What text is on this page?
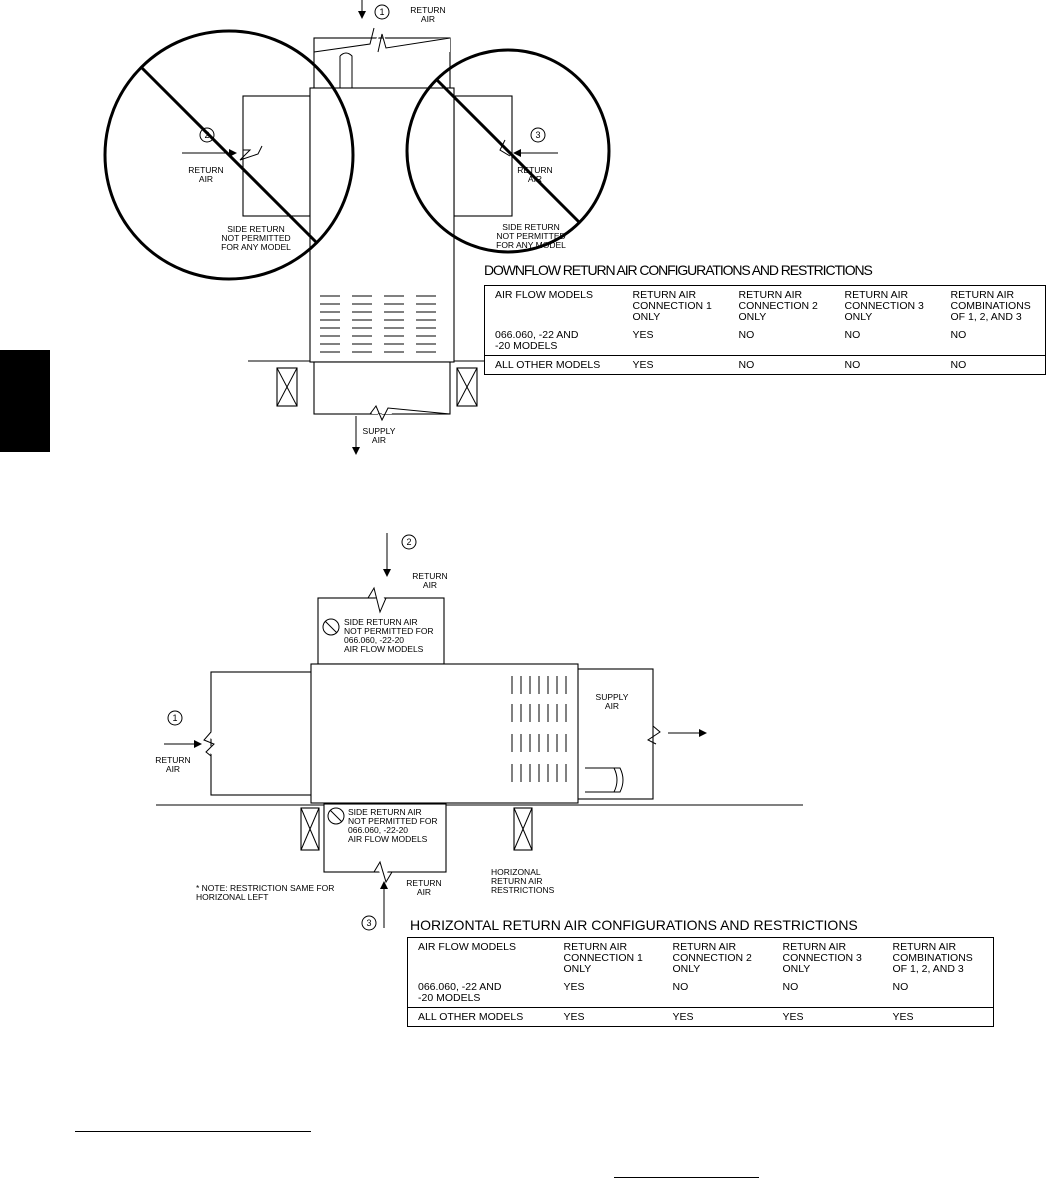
1
2	3
RETURN AIR
RETURN AIR
RETURN AIR
SUPPLY AIR
SIDE RETURN NOT PERMITTED FOR ANY MODEL
SIDE RETURN NOT PERMITTED FOR ANY MODEL
2
1
3
RETURN AIR
RETURN AIR
RETURN AIR
SUPPLY AIR
SIDE RETURN AIR NOT PERMITTED FOR 066.060, -22-20 AIR FLOW MODELS
SIDE RETURN AIR NOT PERMITTED FOR 066.060, -22-20 AIR FLOW MODELS
HORIZONAL RETURN AIR RESTRICTIONS
* NOTE: RESTRICTION SAME FOR HORIZONAL LEFT
DOWNFLOW RETURN AIR CONFIGURATIONS AND RESTRICTIONS
AIR FLOW MODELS	RETURN AIR
CONNECTION 1
ONLY	RETURN AIR
CONNECTION 2
ONLY	RETURN AIR
CONNECTION 3
ONLY	RETURN AIR
COMBINATIONS
OF 1, 2, AND 3
066.060, -22 AND
-20 MODELS	YES	NO	NO	NO
ALL OTHER MODELS	YES	NO	NO	NO
HORIZONTAL RETURN AIR CONFIGURATIONS AND RESTRICTIONS
AIR FLOW MODELS	RETURN AIR
CONNECTION 1
ONLY	RETURN AIR
CONNECTION 2
ONLY	RETURN AIR
CONNECTION 3
ONLY	RETURN AIR
COMBINATIONS
OF 1, 2, AND 3
066.060, -22 AND
-20 MODELS	YES	NO	NO	NO
ALL OTHER MODELS	YES	YES	YES	YES
